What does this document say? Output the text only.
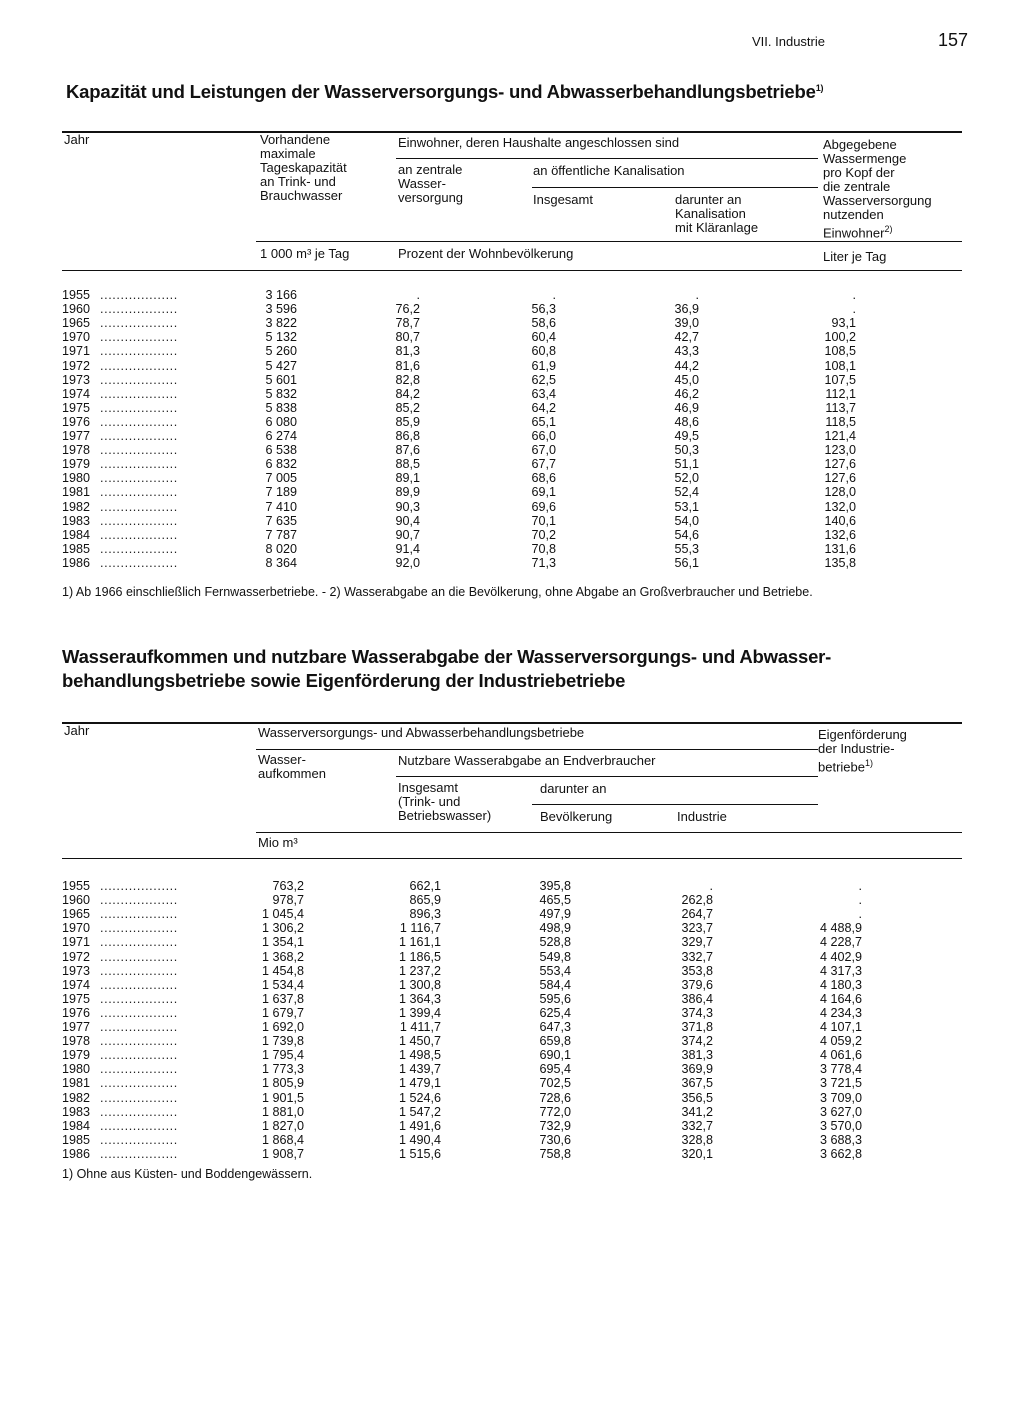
VII. Industrie	157
Kapazität und Leistungen der Wasserversorgungs- und Abwasserbehandlungsbetriebe$^{1)}$
Jahr	Vorhandene
maximale
Tageskapazität
an Trink- und
Brauchwasser
Einwohner, deren Haushalte angeschlossen sind
an zentrale
Wasser-
versorgung
an öffentliche Kanalisation
Insgesamt	darunter an
Kanalisation
mit Kläranlage
Abgegebene
Wassermenge
pro Kopf der
die zentrale
Wasserversorgung
nutzenden
Einwohner$^{2)}$
1 000 m³ je Tag	Prozent der Wohnbevölkerung	Liter je Tag
1955 ...................	3 166	.	.	.	.
1960 ...................	3 596	76,2	56,3	36,9	.
1965 ...................	3 822	78,7	58,6	39,0	93,1
1970 ...................	5 132	80,7	60,4	42,7	100,2
1971 ...................	5 260	81,3	60,8	43,3	108,5
1972 ...................	5 427	81,6	61,9	44,2	108,1
1973 ...................	5 601	82,8	62,5	45,0	107,5
1974 ...................	5 832	84,2	63,4	46,2	112,1
1975 ...................	5 838	85,2	64,2	46,9	113,7
1976 ...................	6 080	85,9	65,1	48,6	118,5
1977 ...................	6 274	86,8	66,0	49,5	121,4
1978 ...................	6 538	87,6	67,0	50,3	123,0
1979 ...................	6 832	88,5	67,7	51,1	127,6
1980 ...................	7 005	89,1	68,6	52,0	127,6
1981 ...................	7 189	89,9	69,1	52,4	128,0
1982 ...................	7 410	90,3	69,6	53,1	132,0
1983 ...................	7 635	90,4	70,1	54,0	140,6
1984 ...................	7 787	90,7	70,2	54,6	132,6
1985 ...................	8 020	91,4	70,8	55,3	131,6
1986 ...................	8 364	92,0	71,3	56,1	135,8
1) Ab 1966 einschließlich Fernwasserbetriebe. - 2) Wasserabgabe an die Bevölkerung, ohne Abgabe an Großverbraucher und Betriebe.
Wasseraufkommen und nutzbare Wasserabgabe der Wasserversorgungs- und Abwasser-
behandlungsbetriebe sowie Eigenförderung der Industriebetriebe
Jahr	Wasserversorgungs- und Abwasserbehandlungsbetriebe
Wasser-
aufkommen
Nutzbare Wasserabgabe an Endverbraucher
Insgesamt
(Trink- und
Betriebswasser)
darunter an
Bevölkerung	Industrie
Eigenförderung
der Industrie-
betriebe$^{1)}$
Mio m³
1955 ...................	763,2	662,1	395,8	.	.
1960 ...................	978,7	865,9	465,5	262,8	.
1965 ...................	1 045,4	896,3	497,9	264,7	.
1970 ...................	1 306,2	1 116,7	498,9	323,7	4 488,9
1971 ...................	1 354,1	1 161,1	528,8	329,7	4 228,7
1972 ...................	1 368,2	1 186,5	549,8	332,7	4 402,9
1973 ...................	1 454,8	1 237,2	553,4	353,8	4 317,3
1974 ...................	1 534,4	1 300,8	584,4	379,6	4 180,3
1975 ...................	1 637,8	1 364,3	595,6	386,4	4 164,6
1976 ...................	1 679,7	1 399,4	625,4	374,3	4 234,3
1977 ...................	1 692,0	1 411,7	647,3	371,8	4 107,1
1978 ...................	1 739,8	1 450,7	659,8	374,2	4 059,2
1979 ...................	1 795,4	1 498,5	690,1	381,3	4 061,6
1980 ...................	1 773,3	1 439,7	695,4	369,9	3 778,4
1981 ...................	1 805,9	1 479,1	702,5	367,5	3 721,5
1982 ...................	1 901,5	1 524,6	728,6	356,5	3 709,0
1983 ...................	1 881,0	1 547,2	772,0	341,2	3 627,0
1984 ...................	1 827,0	1 491,6	732,9	332,7	3 570,0
1985 ...................	1 868,4	1 490,4	730,6	328,8	3 688,3
1986 ...................	1 908,7	1 515,6	758,8	320,1	3 662,8
1) Ohne aus Küsten- und Boddengewässern.
